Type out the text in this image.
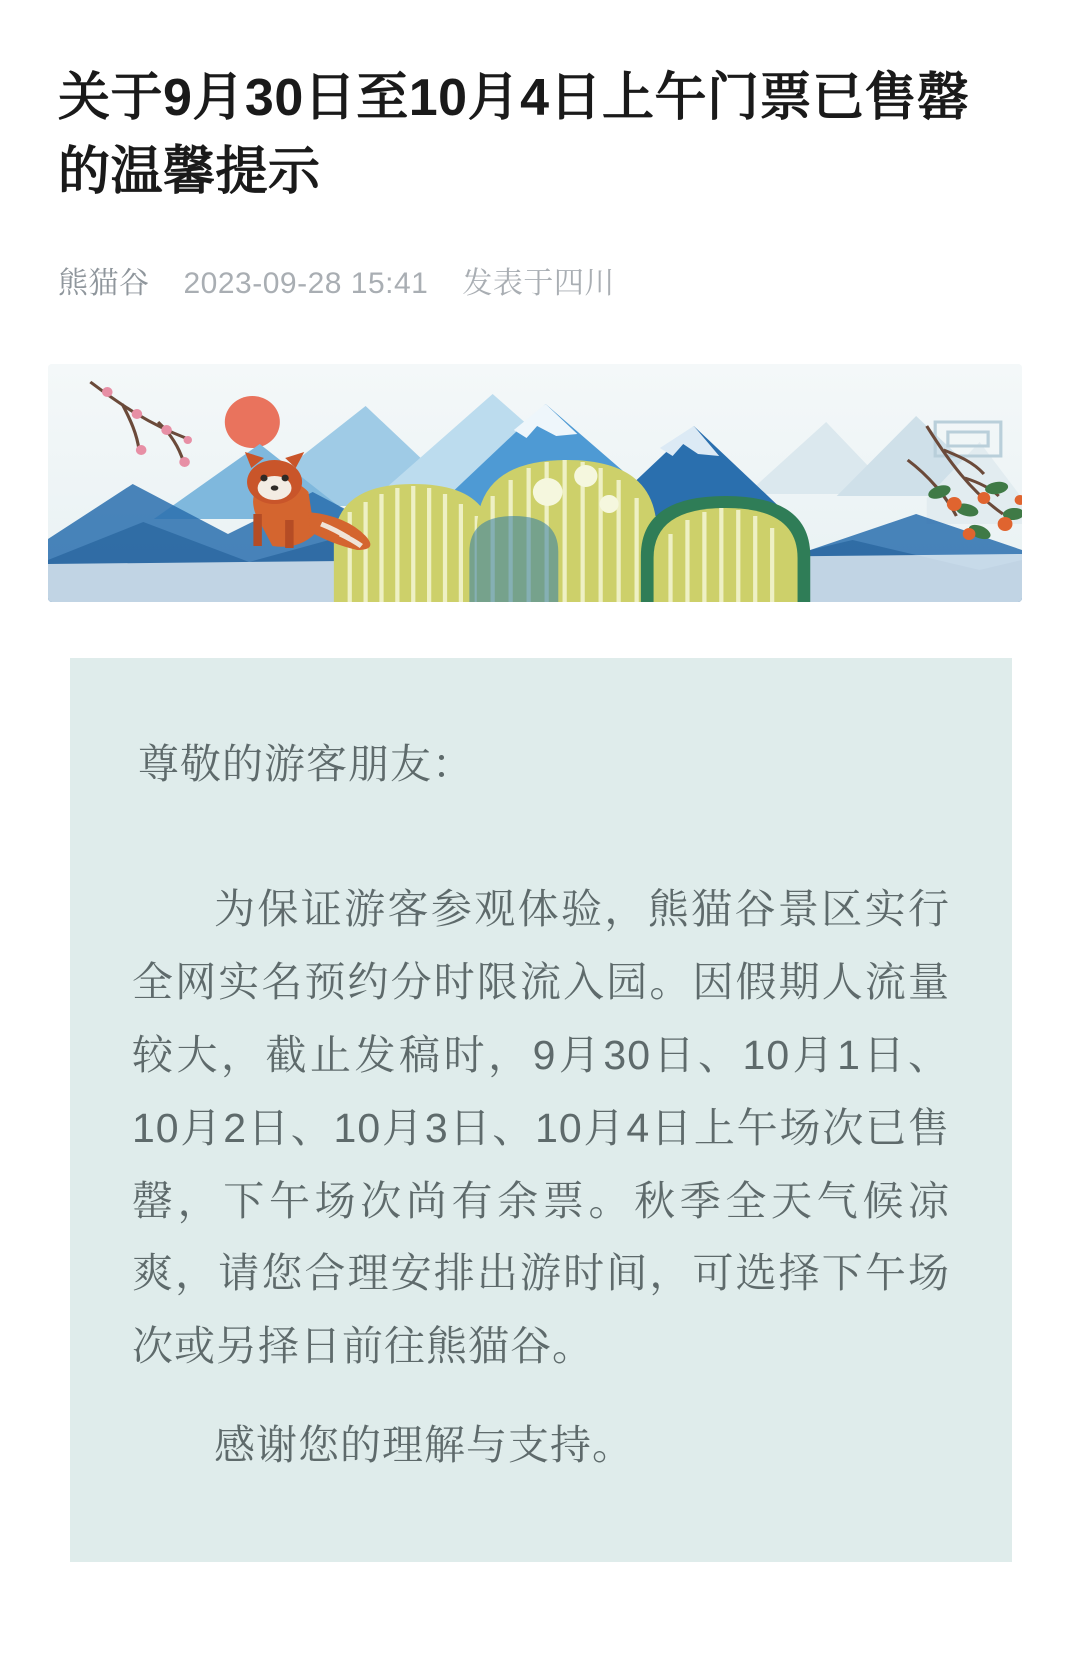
关于9月30日至10月4日上午门票已售罄的温馨提示
熊猫谷 2023-09-28 15:41 发表于四川

尊敬的游客朋友：

为保证游客参观体验，熊猫谷景区实行全网实名预约分时限流入园。因假期人流量较大，截止发稿时，9月30日、10月1日、10月2日、10月3日、10月4日上午场次已售罄，下午场次尚有余票。秋季全天气候凉爽，请您合理安排出游时间，可选择下午场次或另择日前往熊猫谷。

感谢您的理解与支持。
